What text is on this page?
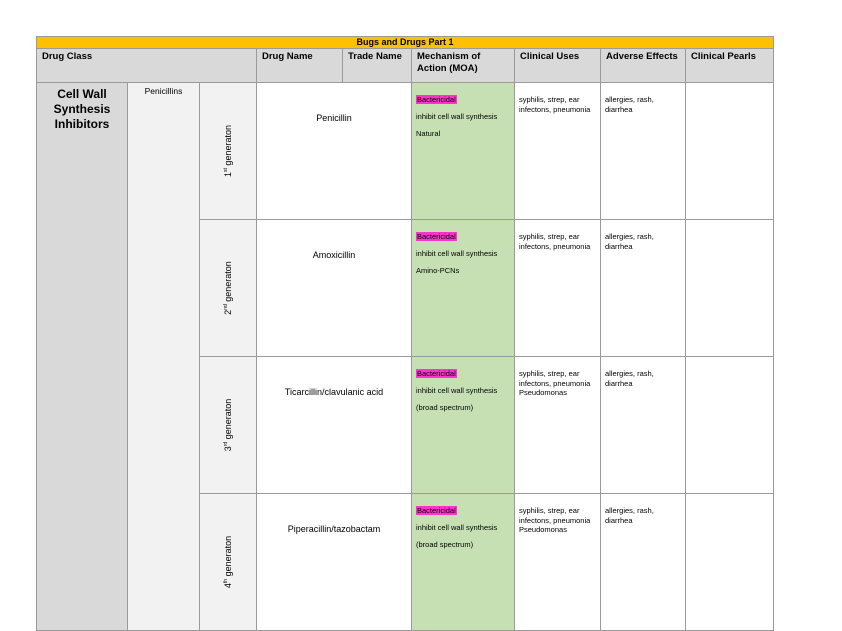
Bugs and Drugs Part 1								
Drug Class			Drug Name	Trade Name	Mechanism of Action (MOA)	Clinical Uses	Adverse Effects	Clinical Pearls
Cell Wall Synthesis Inhibitors	Penicillins	1st generaton	Penicillin		Bactericidal
inhibit cell wall synthesis
Natural	syphilis, strep, ear infectons, pneumonia	allergies, rash, diarrhea	

		2nd generaton	Amoxicillin		Bactericidal
inhibit cell wall synthesis
Amino-PCNs	syphilis, strep, ear infectons, pneumonia	allergies, rash, diarrhea	

		3rd generaton	Ticarcillin/clavulanic acid		Bactericidal
inhibit cell wall synthesis
(broad spectrum)	syphilis, strep, ear infectons, pneumonia Pseudomonas	allergies, rash, diarrhea	

		4th generaton	Piperacillin/tazobactam		Bactericidal
inhibit cell wall synthesis
(broad spectrum)	syphilis, strep, ear infectons, pneumonia Pseudomonas	allergies, rash, diarrhea	
